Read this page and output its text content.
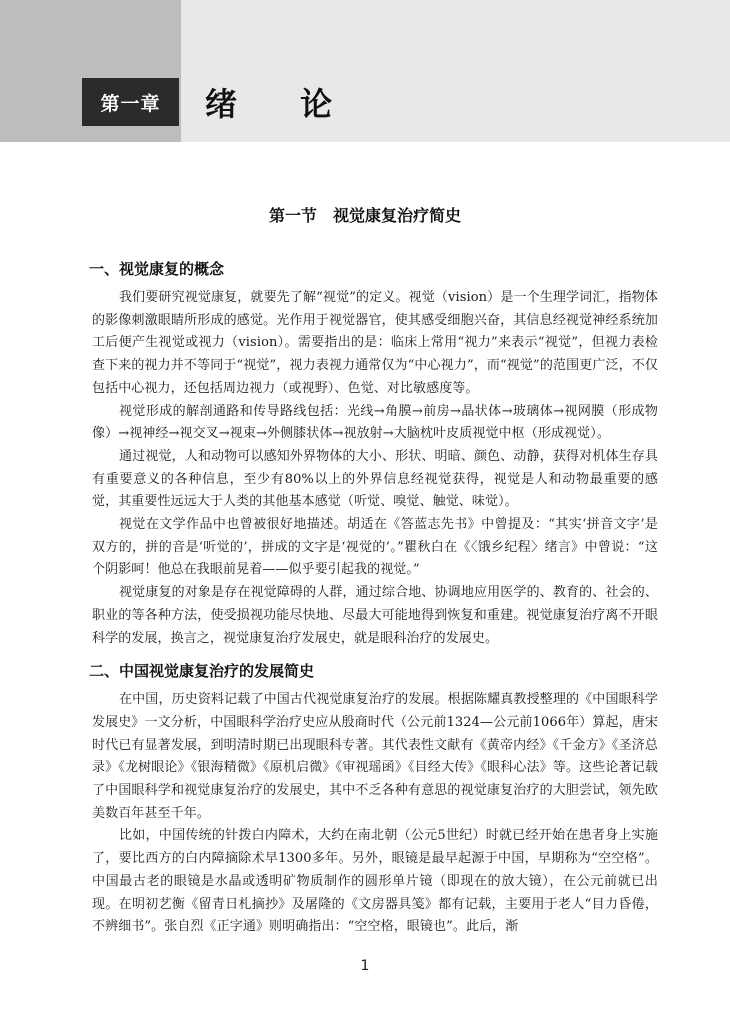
第一章	绪 论
第一节　视觉康复治疗简史
一、视觉康复的概念

我们要研究视觉康复，就要先了解“视觉”的定义。视觉（vision）是一个生理学词汇，指物体的影像刺激眼睛所形成的感觉。光作用于视觉器官，使其感受细胞兴奋，其信息经视觉神经系统加工后便产生视觉或视力（vision）。需要指出的是：临床上常用“视力”来表示“视觉”，但视力表检查下来的视力并不等同于“视觉”，视力表视力通常仅为“中心视力”，而“视觉”的范围更广泛，不仅包括中心视力，还包括周边视力（或视野）、色觉、对比敏感度等。

视觉形成的解剖通路和传导路线包括：光线→角膜→前房→晶状体→玻璃体→视网膜（形成物像）→视神经→视交叉→视束→外侧膝状体→视放射→大脑枕叶皮质视觉中枢（形成视觉）。

通过视觉，人和动物可以感知外界物体的大小、形状、明暗、颜色、动静，获得对机体生存具有重要意义的各种信息，至少有80%以上的外界信息经视觉获得，视觉是人和动物最重要的感觉，其重要性远远大于人类的其他基本感觉（听觉、嗅觉、触觉、味觉）。

视觉在文学作品中也曾被很好地描述。胡适在《答蓝志先书》中曾提及：“其实‘拼音文字’是双方的，拼的音是‘听觉的’，拼成的文字是‘视觉的’。”瞿秋白在《〈饿乡纪程〉绪言》中曾说：“这个阴影呵！他总在我眼前晃着——似乎要引起我的视觉。”

视觉康复的对象是存在视觉障碍的人群，通过综合地、协调地应用医学的、教育的、社会的、职业的等各种方法，使受损视功能尽快地、尽最大可能地得到恢复和重建。视觉康复治疗离不开眼科学的发展，换言之，视觉康复治疗发展史，就是眼科治疗的发展史。

二、中国视觉康复治疗的发展简史

在中国，历史资料记载了中国古代视觉康复治疗的发展。根据陈耀真教授整理的《中国眼科学发展史》一文分析，中国眼科学治疗史应从殷商时代（公元前1324—公元前1066年）算起，唐宋时代已有显著发展，到明清时期已出现眼科专著。其代表性文献有《黄帝内经》《千金方》《圣济总录》《龙树眼论》《银海精微》《原机启微》《审视瑶函》《目经大传》《眼科心法》等。这些论著记载了中国眼科学和视觉康复治疗的发展史，其中不乏各种有意思的视觉康复治疗的大胆尝试，领先欧美数百年甚至千年。

比如，中国传统的针拨白内障术，大约在南北朝（公元5世纪）时就已经开始在患者身上实施了，要比西方的白内障摘除术早1300多年。另外，眼镜是最早起源于中国，早期称为“空空格”。中国最古老的眼镜是水晶或透明矿物质制作的圆形单片镜（即现在的放大镜），在公元前就已出现。在明初艺衡《留青日札摘抄》及屠隆的《文房器具笺》都有记载，主要用于老人“目力昏倦，不辨细书”。张自烈《正字通》则明确指出：“空空格，眼镜也”。此后，渐

1
